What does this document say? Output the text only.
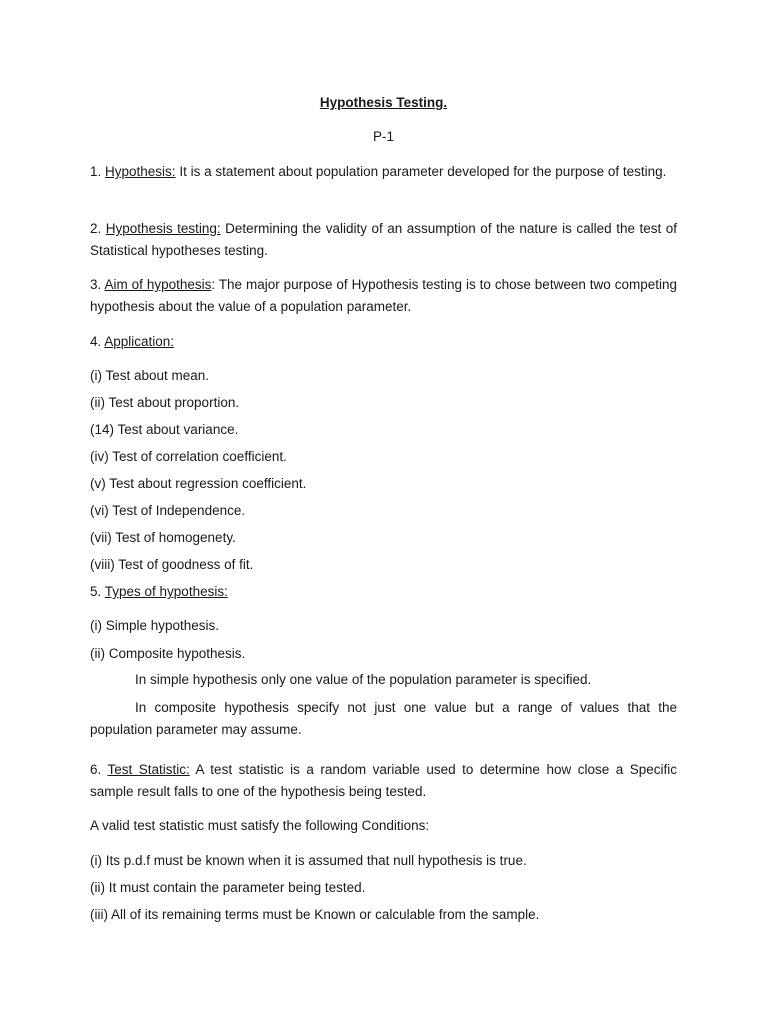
Hypothesis Testing.

P-1

1. Hypothesis: It is a statement about population parameter developed for the purpose of testing.

2. Hypothesis testing: Determining the validity of an assumption of the nature is called the test of Statistical hypotheses testing.

3. Aim of hypothesis: The major purpose of Hypothesis testing is to chose between two competing hypothesis about the value of a population parameter.

4. Application:

(i) Test about mean.

(ii) Test about proportion.

(14) Test about variance.

(iv) Test of correlation coefficient.

(v) Test about regression coefficient.

(vi) Test of Independence.

(vii) Test of homogenety.

(viii) Test of goodness of fit.

5. Types of hypothesis:

(i) Simple hypothesis.

(ii) Composite hypothesis.

In simple hypothesis only one value of the population parameter is specified.

In composite hypothesis specify not just one value but a range of values that the population parameter may assume.

6. Test Statistic: A test statistic is a random variable used to determine how close a Specific sample result falls to one of the hypothesis being tested.

A valid test statistic must satisfy the following Conditions:

(i) Its p.d.f must be known when it is assumed that null hypothesis is true.

(ii) It must contain the parameter being tested.

(iii) All of its remaining terms must be Known or calculable from the sample.
